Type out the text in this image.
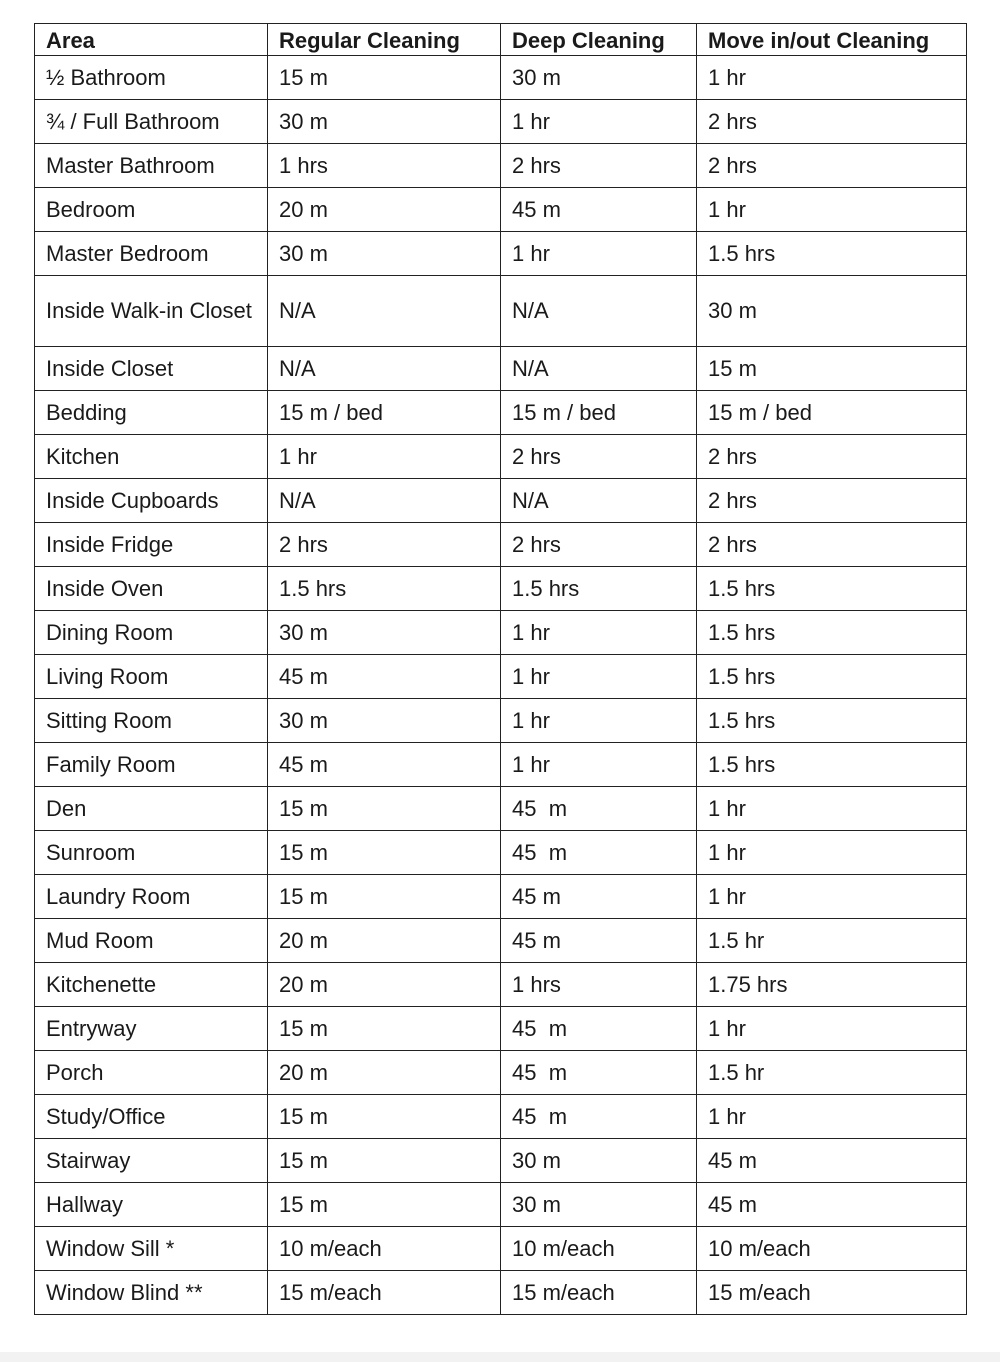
Area	Regular Cleaning	Deep Cleaning	Move in/out Cleaning
½ Bathroom	15 m	30 m	1 hr
¾ / Full Bathroom	30 m	1 hr	2 hrs
Master Bathroom	1 hrs	2 hrs	2 hrs
Bedroom	20 m	45 m	1 hr
Master Bedroom	30 m	1 hr	1.5 hrs
Inside Walk-in Closet	N/A	N/A	30 m
Inside Closet	N/A	N/A	15 m
Bedding	15 m / bed	15 m / bed	15 m / bed
Kitchen	1 hr	2 hrs	2 hrs
Inside Cupboards	N/A	N/A	2 hrs
Inside Fridge	2 hrs	2 hrs	2 hrs
Inside Oven	1.5 hrs	1.5 hrs	1.5 hrs
Dining Room	30 m	1 hr	1.5 hrs
Living Room	45 m	1 hr	1.5 hrs
Sitting Room	30 m	1 hr	1.5 hrs
Family Room	45 m	1 hr	1.5 hrs
Den	15 m	45  m	1 hr
Sunroom	15 m	45  m	1 hr
Laundry Room	15 m	45 m	1 hr
Mud Room	20 m	45 m	1.5 hr
Kitchenette	20 m	1 hrs	1.75 hrs
Entryway	15 m	45  m	1 hr
Porch	20 m	45  m	1.5 hr
Study/Office	15 m	45  m	1 hr
Stairway	15 m	30 m	45 m
Hallway	15 m	30 m	45 m
Window Sill *	10 m/each	10 m/each	10 m/each
Window Blind **	15 m/each	15 m/each	15 m/each
